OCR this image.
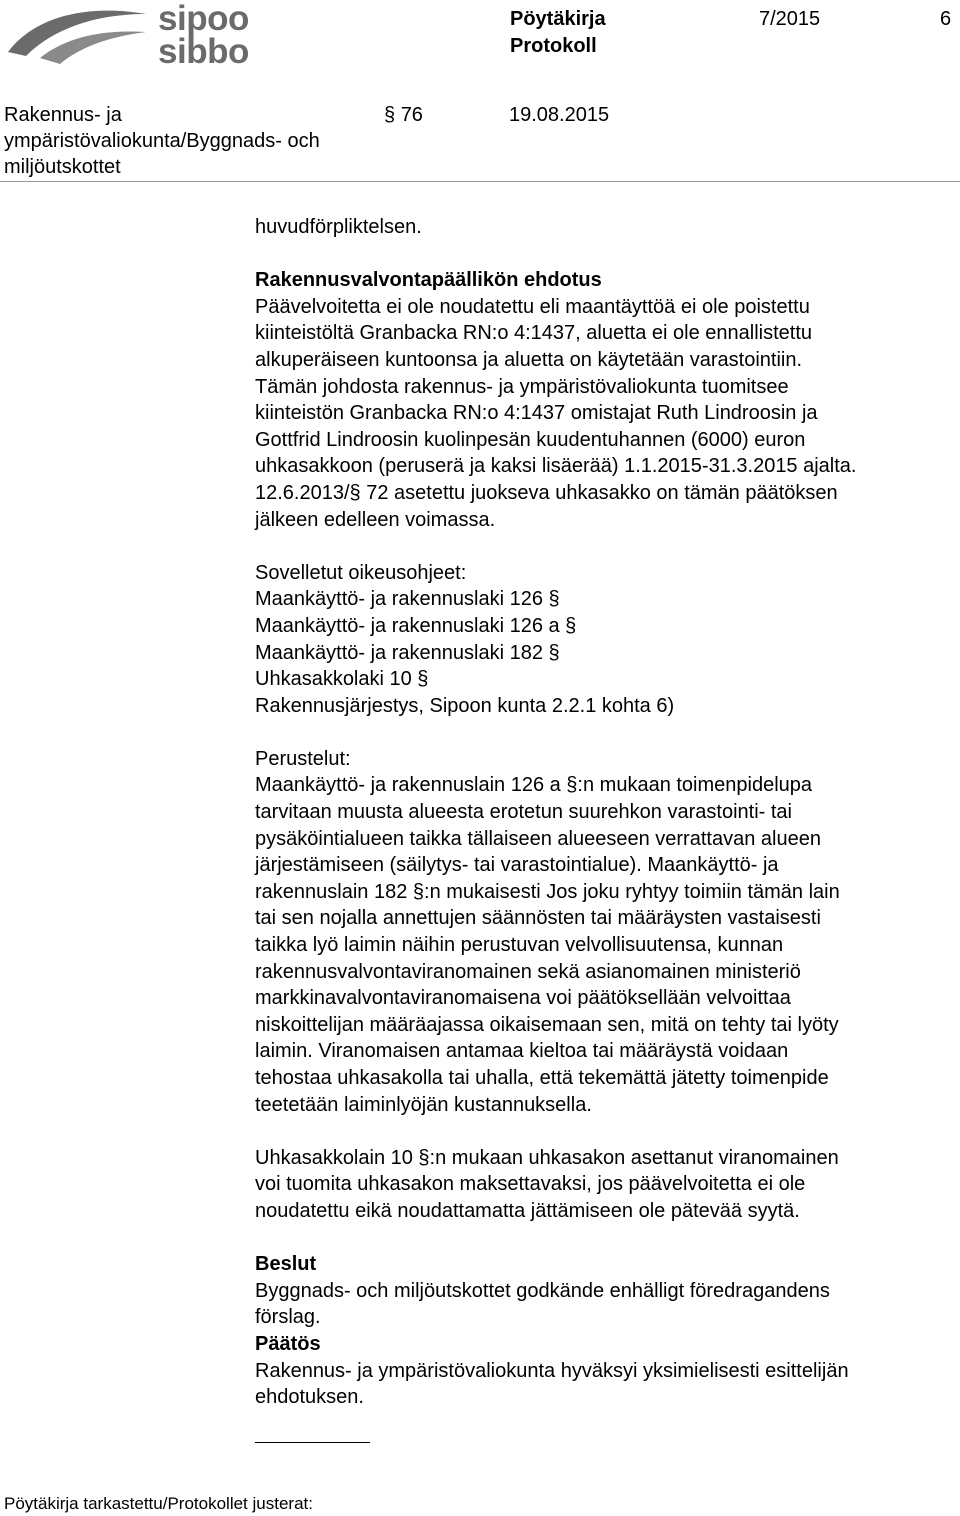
sipoo
sibbo
Pöytäkirja
Protokoll
7/2015	6
Rakennus- ja
ympäristövaliokunta/Byggnads- och
miljöutskottet
§ 76	19.08.2015

huvudförpliktelsen.

Rakennusvalvontapäällikön ehdotus

Päävelvoitetta ei ole noudatettu eli maantäyttöä ei ole poistettu

kiinteistöltä Granbacka RN:o 4:1437, aluetta ei ole ennallistettu

alkuperäiseen kuntoonsa ja aluetta on käytetään varastointiin.

Tämän johdosta rakennus- ja ympäristövaliokunta tuomitsee

kiinteistön Granbacka RN:o 4:1437 omistajat Ruth Lindroosin ja

Gottfrid Lindroosin kuolinpesän kuudentuhannen (6000) euron

uhkasakkoon (peruserä ja kaksi lisäerää) 1.1.2015-31.3.2015 ajalta.

12.6.2013/§ 72 asetettu juokseva uhkasakko on tämän päätöksen

jälkeen edelleen voimassa.

Sovelletut oikeusohjeet:

Maankäyttö- ja rakennuslaki 126 §

Maankäyttö- ja rakennuslaki 126 a §

Maankäyttö- ja rakennuslaki 182 §

Uhkasakkolaki 10 §

Rakennusjärjestys, Sipoon kunta 2.2.1 kohta 6)

Perustelut:

Maankäyttö- ja rakennuslain 126 a §:n mukaan toimenpidelupa

tarvitaan muusta alueesta erotetun suurehkon varastointi- tai

pysäköintialueen taikka tällaiseen alueeseen verrattavan alueen

järjestämiseen (säilytys- tai varastointialue). Maankäyttö- ja

rakennuslain 182 §:n mukaisesti Jos joku ryhtyy toimiin tämän lain

tai sen nojalla annettujen säännösten tai määräysten vastaisesti

taikka lyö laimin näihin perustuvan velvollisuutensa, kunnan

rakennusvalvontaviranomainen sekä asianomainen ministeriö

markkinavalvontaviranomaisena voi päätöksellään velvoittaa

niskoittelijan määräajassa oikaisemaan sen, mitä on tehty tai lyöty

laimin. Viranomaisen antamaa kieltoa tai määräystä voidaan

tehostaa uhkasakolla tai uhalla, että tekemättä jätetty toimenpide

teetetään laiminlyöjän kustannuksella.

Uhkasakkolain 10 §:n mukaan uhkasakon asettanut viranomainen

voi tuomita uhkasakon maksettavaksi, jos päävelvoitetta ei ole

noudatettu eikä noudattamatta jättämiseen ole pätevää syytä.

Beslut

Byggnads- och miljöutskottet godkände enhälligt föredragandens

förslag.

Päätös

Rakennus- ja ympäristövaliokunta hyväksyi yksimielisesti esittelijän

ehdotuksen.

Pöytäkirja tarkastettu/Protokollet justerat:
